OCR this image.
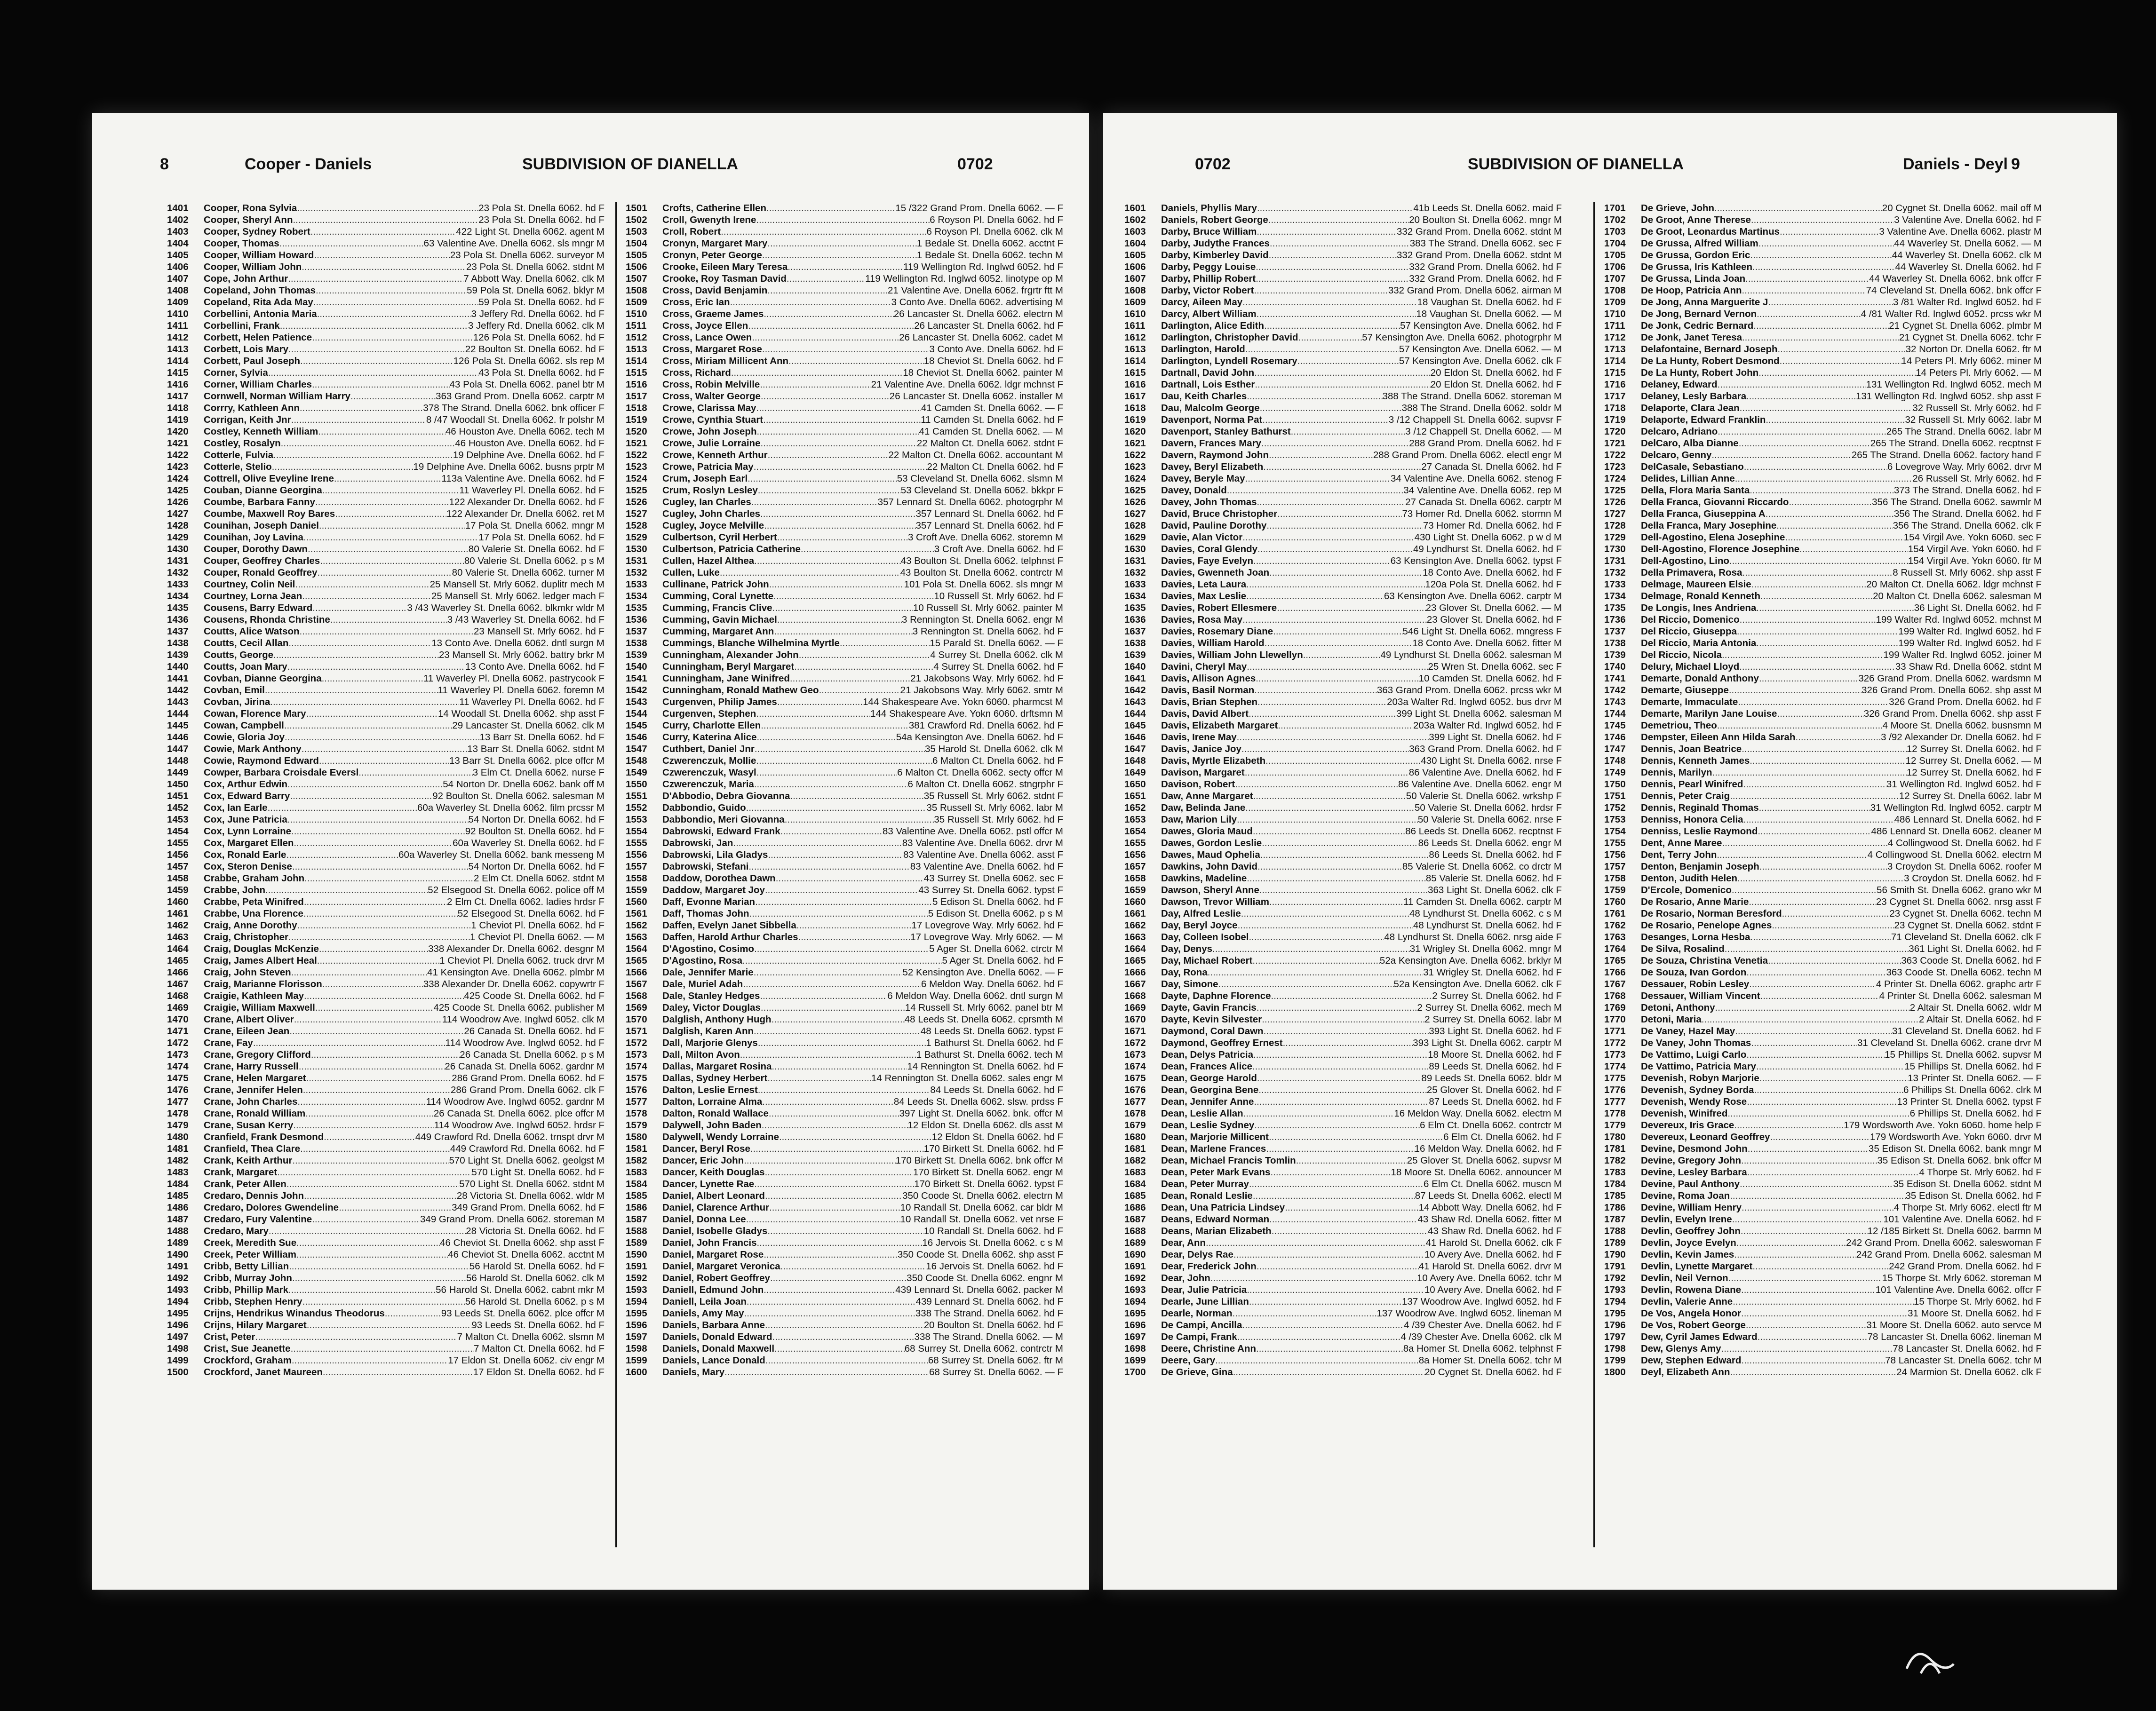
8	Cooper - Daniels	SUBDIVISION OF DIANELLA	0702
1401	Cooper, Rona Sylvia .....	23 Pola St. Dnella 6062. hd F
1402	Cooper, Sheryl Ann .....	23 Pola St. Dnella 6062. hd F
1403	Cooper, Sydney Robert .....	422 Light St. Dnella 6062. agent M
1404	Cooper, Thomas .....	63 Valentine Ave. Dnella 6062. sls mngr M
1405	Cooper, William Howard .....	23 Pola St. Dnella 6062. surveyor M
1406	Cooper, William John .....	23 Pola St. Dnella 6062. stdnt M
1407	Cope, John Arthur .....	7 Abbott Way. Dnella 6062. clk M
1408	Copeland, John Thomas .....	59 Pola St. Dnella 6062. bklyr M
1409	Copeland, Rita Ada May .....	59 Pola St. Dnella 6062. hd F
1410	Corbellini, Antonia Maria .....	3 Jeffery Rd. Dnella 6062. hd F
1411	Corbellini, Frank .....	3 Jeffery Rd. Dnella 6062. clk M
1412	Corbett, Helen Patience .....	126 Pola St. Dnella 6062. hd F
1413	Corbett, Lois Mary .....	22 Boulton St. Dnella 6062. hd F
1414	Corbett, Paul Joseph .....	126 Pola St. Dnella 6062. sls rep M
1415	Corner, Sylvia .....	43 Pola St. Dnella 6062. hd F
1416	Corner, William Charles .....	43 Pola St. Dnella 6062. panel btr M
1417	Cornwell, Norman William Harry .....	363 Grand Prom. Dnella 6062. carptr M
1418	Corrry, Kathleen Ann .....	378 The Strand. Dnella 6062. bnk officer F
1419	Corrigan, Keith Jnr .....	8 /47 Woodall St. Dnella 6062. fr polshr M
1420	Costley, Kenneth William .....	46 Houston Ave. Dnella 6062. tech M
1421	Costley, Rosalyn .....	46 Houston Ave. Dnella 6062. hd F
1422	Cotterle, Fulvia .....	19 Delphine Ave. Dnella 6062. hd F
1423	Cotterle, Stelio .....	19 Delphine Ave. Dnella 6062. busns prptr M
1424	Cottrell, Olive Eveyline Irene .....	113a Valentine Ave. Dnella 6062. hd F
1425	Couban, Dianne Georgina .....	11 Waverley Pl. Dnella 6062. hd F
1426	Coumbe, Barbara Fanny .....	122 Alexander Dr. Dnella 6062. hd F
1427	Coumbe, Maxwell Roy Bares .....	122 Alexander Dr. Dnella 6062. ret M
1428	Counihan, Joseph Daniel .....	17 Pola St. Dnella 6062. mngr M
1429	Counihan, Joy Lavina .....	17 Pola St. Dnella 6062. hd F
1430	Couper, Dorothy Dawn .....	80 Valerie St. Dnella 6062. hd F
1431	Couper, Geoffrey Charles .....	80 Valerie St. Dnella 6062. p s M
1432	Couper, Ronald Geoffrey .....	80 Valerie St. Dnella 6062. turner M
1433	Courtney, Colin Neil .....	25 Mansell St. Mrly 6062. duplitr mech M
1434	Courtney, Lorna Jean .....	25 Mansell St. Mrly 6062. ledger mach F
1435	Cousens, Barry Edward .....	3 /43 Waverley St. Dnella 6062. blkmkr wldr M
1436	Cousens, Rhonda Christine .....	3 /43 Waverley St. Dnella 6062. hd F
1437	Coutts, Alice Watson .....	23 Mansell St. Mrly 6062. hd F
1438	Coutts, Cecil Allan .....	13 Conto Ave. Dnella 6062. dntl surgn M
1439	Coutts, George .....	23 Mansell St. Mrly 6062. battry brkr M
1440	Coutts, Joan Mary .....	13 Conto Ave. Dnella 6062. hd F
1441	Covban, Dianne Georgina .....	11 Waverley Pl. Dnella 6062. pastrycook F
1442	Covban, Emil .....	11 Waverley Pl. Dnella 6062. foremn M
1443	Covban, Jirina .....	11 Waverley Pl. Dnella 6062. hd F
1444	Cowan, Florence Mary .....	14 Woodall St. Dnella 6062. shp asst F
1445	Cowan, Campbell .....	29 Lancaster St. Dnella 6062. clk M
1446	Cowie, Gloria Joy .....	13 Barr St. Dnella 6062. hd F
1447	Cowie, Mark Anthony .....	13 Barr St. Dnella 6062. stdnt M
1448	Cowie, Raymond Edward .....	13 Barr St. Dnella 6062. plce offcr M
1449	Cowper, Barbara Croisdale Eversl .....	3 Elm Ct. Dnella 6062. nurse F
1450	Cox, Arthur Edwin .....	54 Norton Dr. Dnella 6062. bank off M
1451	Cox, Edward Barry .....	92 Boulton St. Dnella 6062. salesman M
1452	Cox, Ian Earle .....	60a Waverley St. Dnella 6062. film prcssr M
1453	Cox, June Patricia .....	54 Norton Dr. Dnella 6062. hd F
1454	Cox, Lynn Lorraine .....	92 Boulton St. Dnella 6062. hd F
1455	Cox, Margaret Ellen .....	60a Waverley St. Dnella 6062. hd F
1456	Cox, Ronald Earle .....	60a Waverley St. Dnella 6062. bank messeng M
1457	Cox, Steron Denise .....	54 Norton Dr. Dnella 6062. hd F
1458	Crabbe, Graham John .....	2 Elm Ct. Dnella 6062. stdnt M
1459	Crabbe, John .....	52 Elsegood St. Dnella 6062. police off M
1460	Crabbe, Peta Winifred .....	2 Elm Ct. Dnella 6062. ladies hrdsr F
1461	Crabbe, Una Florence .....	52 Elsegood St. Dnella 6062. hd F
1462	Craig, Anne Dorothy .....	1 Cheviot Pl. Dnella 6062. hd F
1463	Craig, Christopher .....	1 Cheviot Pl. Dnella 6062. — M
1464	Craig, Douglas McKenzie .....	338 Alexander Dr. Dnella 6062. desgnr M
1465	Craig, James Albert Heal .....	1 Cheviot Pl. Dnella 6062. truck drvr M
1466	Craig, John Steven .....	41 Kensington Ave. Dnella 6062. plmbr M
1467	Craig, Marianne Florisson .....	338 Alexander Dr. Dnella 6062. copywrtr F
1468	Craigie, Kathleen May .....	425 Coode St. Dnella 6062. hd F
1469	Craigie, William Maxwell .....	425 Coode St. Dnella 6062. publisher M
1470	Crane, Albert Oliver .....	114 Woodrow Ave. Inglwd 6052. clk M
1471	Crane, Eileen Jean .....	26 Canada St. Dnella 6062. hd F
1472	Crane, Fay .....	114 Woodrow Ave. Inglwd 6052. hd F
1473	Crane, Gregory Clifford .....	26 Canada St. Dnella 6062. p s M
1474	Crane, Harry Russell .....	26 Canada St. Dnella 6062. gardnr M
1475	Crane, Helen Margaret .....	286 Grand Prom. Dnella 6062. hd F
1476	Crane, Jennifer Helen .....	286 Grand Prom. Dnella 6062. clk F
1477	Crane, John Charles .....	114 Woodrow Ave. Inglwd 6052. gardnr M
1478	Crane, Ronald William .....	26 Canada St. Dnella 6062. plce offcr M
1479	Crane, Susan Kerry .....	114 Woodrow Ave. Inglwd 6052. hrdsr F
1480	Cranfield, Frank Desmond .....	449 Crawford Rd. Dnella 6062. trnspt drvr M
1481	Cranfield, Thea Clare .....	449 Crawford Rd. Dnella 6062. hd F
1482	Crank, Keith Arthur .....	570 Light St. Dnella 6062. geolgst M
1483	Crank, Margaret .....	570 Light St. Dnella 6062. hd F
1484	Crank, Peter Allen .....	570 Light St. Dnella 6062. stdnt M
1485	Credaro, Dennis John .....	28 Victoria St. Dnella 6062. wldr M
1486	Credaro, Dolores Gwendeline .....	349 Grand Prom. Dnella 6062. hd F
1487	Credaro, Fury Valentine .....	349 Grand Prom. Dnella 6062. storeman M
1488	Credaro, Mary .....	28 Victoria St. Dnella 6062. hd F
1489	Creek, Meredith Sue .....	46 Cheviot St. Dnella 6062. shp asst F
1490	Creek, Peter William .....	46 Cheviot St. Dnella 6062. acctnt M
1491	Cribb, Betty Lillian .....	56 Harold St. Dnella 6062. hd F
1492	Cribb, Murray John .....	56 Harold St. Dnella 6062. clk M
1493	Cribb, Phillip Mark .....	56 Harold St. Dnella 6062. cabnt mkr M
1494	Cribb, Stephen Henry .....	56 Harold St. Dnella 6062. p s M
1495	Crijns, Hendrikus Winandus Theodorus .....	93 Leeds St. Dnella 6062. plce offcr M
1496	Crijns, Hilary Margaret .....	93 Leeds St. Dnella 6062. hd F
1497	Crist, Peter .....	7 Malton Ct. Dnella 6062. slsmn M
1498	Crist, Sue Jeanette .....	7 Malton Ct. Dnella 6062. hd F
1499	Crockford, Graham .....	17 Eldon St. Dnella 6062. civ engr M
1500	Crockford, Janet Maureen .....	17 Eldon St. Dnella 6062. hd F
1501	Crofts, Catherine Ellen .....	15 /322 Grand Prom. Dnella 6062. — F
1502	Croll, Gwenyth Irene .....	6 Royson Pl. Dnella 6062. hd F
1503	Croll, Robert .....	6 Royson Pl. Dnella 6062. clk M
1504	Cronyn, Margaret Mary .....	1 Bedale St. Dnella 6062. acctnt F
1505	Cronyn, Peter George .....	1 Bedale St. Dnella 6062. techn M
1506	Crooke, Eileen Mary Teresa .....	119 Wellington Rd. Inglwd 6052. hd F
1507	Crooke, Roy Tasman David .....	119 Wellington Rd. Inglwd 6052. linotype op M
1508	Cross, David Benjamin .....	21 Valentine Ave. Dnella 6062. frgrtr ftt M
1509	Cross, Eric Ian .....	3 Conto Ave. Dnella 6062. advertising M
1510	Cross, Graeme James .....	26 Lancaster St. Dnella 6062. electrn M
1511	Cross, Joyce Ellen .....	26 Lancaster St. Dnella 6062. hd F
1512	Cross, Lance Owen .....	26 Lancaster St. Dnella 6062. cadet M
1513	Cross, Margaret Rose .....	3 Conto Ave. Dnella 6062. hd F
1514	Cross, Miriam Millicent Ann .....	18 Cheviot St. Dnella 6062. hd F
1515	Cross, Richard .....	18 Cheviot St. Dnella 6062. painter M
1516	Cross, Robin Melville .....	21 Valentine Ave. Dnella 6062. ldgr mchnst F
1517	Cross, Walter George .....	26 Lancaster St. Dnella 6062. installer M
1518	Crowe, Clarissa May .....	41 Camden St. Dnella 6062. — F
1519	Crowe, Cynthia Stuart .....	11 Camden St. Dnella 6062. hd F
1520	Crowe, John Joseph .....	41 Camden St. Dnella 6062. — M
1521	Crowe, Julie Lorraine .....	22 Malton Ct. Dnella 6062. stdnt F
1522	Crowe, Kenneth Arthur .....	22 Malton Ct. Dnella 6062. accountant M
1523	Crowe, Patricia May .....	22 Malton Ct. Dnella 6062. hd F
1524	Crum, Joseph Earl .....	53 Cleveland St. Dnella 6062. slsmn M
1525	Crum, Roslyn Lesley .....	53 Cleveland St. Dnella 6062. bkkpr F
1526	Cugley, Ian Charles .....	357 Lennard St. Dnella 6062. photogrphr M
1527	Cugley, John Charles .....	357 Lennard St. Dnella 6062. hd F
1528	Cugley, Joyce Melville .....	357 Lennard St. Dnella 6062. hd F
1529	Culbertson, Cyril Herbert .....	3 Croft Ave. Dnella 6062. storemn M
1530	Culbertson, Patricia Catherine .....	3 Croft Ave. Dnella 6062. hd F
1531	Cullen, Hazel Althea .....	43 Boulton St. Dnella 6062. telphnst F
1532	Cullen, Luke .....	43 Boulton St. Dnella 6062. contrctr M
1533	Cullinane, Patrick John .....	101 Pola St. Dnella 6062. sls mngr M
1534	Cumming, Coral Lynette .....	10 Russell St. Mrly 6062. hd F
1535	Cumming, Francis Clive .....	10 Russell St. Mrly 6062. painter M
1536	Cumming, Gavin Michael .....	3 Rennington St. Dnella 6062. engr M
1537	Cumming, Margaret Ann .....	3 Rennington St. Dnella 6062. hd F
1538	Cummings, Blanche Wilhelmina Myrtle .....	15 Parald St. Dnella 6062. — F
1539	Cunningham, Alexander John .....	4 Surrey St. Dnella 6062. clk M
1540	Cunningham, Beryl Margaret .....	4 Surrey St. Dnella 6062. hd F
1541	Cunningham, Jane Winifred .....	21 Jakobsons Way. Mrly 6062. hd F
1542	Cunningham, Ronald Mathew Geo .....	21 Jakobsons Way. Mrly 6062. smtr M
1543	Curgenven, Philip James .....	144 Shakespeare Ave. Yokn 6060. pharmcst M
1544	Curgenven, Stephen .....	144 Shakespeare Ave. Yokn 6060. drftsmn M
1545	Curry, Charlotte Ellen .....	381 Crawford Rd. Dnella 6062. hd F
1546	Curry, Katerina Alice .....	54a Kensington Ave. Dnella 6062. hd F
1547	Cuthbert, Daniel Jnr .....	35 Harold St. Dnella 6062. clk M
1548	Czwerenczuk, Mollie .....	6 Malton Ct. Dnella 6062. hd F
1549	Czwerenczuk, Wasyl .....	6 Malton Ct. Dnella 6062. secty offcr M
1550	Czwerenczuk, Maria .....	6 Malton Ct. Dnella 6062. stngrphr F
1551	D'Abbodio, Debra Giovanna .....	35 Russell St. Mrly 6062. stdnt F
1552	Dabbondio, Guido .....	35 Russell St. Mrly 6062. labr M
1553	Dabbondio, Meri Giovanna .....	35 Russell St. Mrly 6062. hd F
1554	Dabrowski, Edward Frank .....	83 Valentine Ave. Dnella 6062. pstl offcr M
1555	Dabrowski, Jan .....	83 Valentine Ave. Dnella 6062. drvr M
1556	Dabrowski, Lila Gladys .....	83 Valentine Ave. Dnella 6062. asst F
1557	Dabrowski, Stefani .....	83 Valentine Ave. Dnella 6062. hd F
1558	Daddow, Dorothea Dawn .....	43 Surrey St. Dnella 6062. sec F
1559	Daddow, Margaret Joy .....	43 Surrey St. Dnella 6062. typst F
1560	Daff, Evonne Marian .....	5 Edison St. Dnella 6062. hd F
1561	Daff, Thomas John .....	5 Edison St. Dnella 6062. p s M
1562	Daffen, Evelyn Janet Sibbella .....	17 Lovegrove Way. Mrly 6062. hd F
1563	Daffen, Harold Arthur Charles .....	17 Lovegrove Way. Mrly 6062. — M
1564	D'Agostino, Cosimo .....	5 Ager St. Dnella 6062. ctrctr M
1565	D'Agostino, Rosa .....	5 Ager St. Dnella 6062. hd F
1566	Dale, Jennifer Marie .....	52 Kensington Ave. Dnella 6062. — F
1567	Dale, Muriel Adah .....	6 Meldon Way. Dnella 6062. hd F
1568	Dale, Stanley Hedges .....	6 Meldon Way. Dnella 6062. dntl surgn M
1569	Daley, Victor Douglas .....	14 Russell St. Mrly 6062. panel btr M
1570	Dalglish, Anthony Hugh .....	48 Leeds St. Dnella 6062. cprsmth M
1571	Dalglish, Karen Ann .....	48 Leeds St. Dnella 6062. typst F
1572	Dall, Marjorie Glenys .....	1 Bathurst St. Dnella 6062. hd F
1573	Dall, Milton Avon .....	1 Bathurst St. Dnella 6062. tech M
1574	Dallas, Margaret Rosina .....	14 Rennington St. Dnella 6062. hd F
1575	Dallas, Sydney Herbert .....	14 Rennington St. Dnella 6062. sales engr M
1576	Dalton, Leslie Ernest .....	84 Leeds St. Dnella 6062. hd F
1577	Dalton, Lorraine Alma .....	84 Leeds St. Dnella 6062. slsw. prdss F
1578	Dalton, Ronald Wallace .....	397 Light St. Dnella 6062. bnk. offcr M
1579	Dalywell, John Baden .....	12 Eldon St. Dnella 6062. dls asst M
1580	Dalywell, Wendy Lorraine .....	12 Eldon St. Dnella 6062. hd F
1581	Dancer, Beryl Rose .....	170 Birkett St. Dnella 6062. hd F
1582	Dancer, Eric John .....	170 Birkett St. Dnella 6062. bnk offcr M
1583	Dancer, Keith Douglas .....	170 Birkett St. Dnella 6062. engr M
1584	Dancer, Lynette Rae .....	170 Birkett St. Dnella 6062. typst F
1585	Daniel, Albert Leonard .....	350 Coode St. Dnella 6062. electrn M
1586	Daniel, Clarence Arthur .....	10 Randall St. Dnella 6062. car bldr M
1587	Daniel, Donna Lee .....	10 Randall St. Dnella 6062. vet nrse F
1588	Daniel, Isobelle Gladys .....	10 Randall St. Dnella 6062. hd F
1589	Daniel, John Francis .....	16 Jervois St. Dnella 6062. c s M
1590	Daniel, Margaret Rose .....	350 Coode St. Dnella 6062. shp asst F
1591	Daniel, Margaret Veronica .....	16 Jervois St. Dnella 6062. hd F
1592	Daniel, Robert Geoffrey .....	350 Coode St. Dnella 6062. engnr M
1593	Daniell, Edmund John .....	439 Lennard St. Dnella 6062. packer M
1594	Daniell, Leila Joan .....	439 Lennard St. Dnella 6062. hd F
1595	Daniels, Amy May .....	338 The Strand. Dnella 6062. hd F
1596	Daniels, Barbara Anne .....	20 Boulton St. Dnella 6062. hd F
1597	Daniels, Donald Edward .....	338 The Strand. Dnella 6062. — M
1598	Daniels, Donald Maxwell .....	68 Surrey St. Dnella 6062. contrctr M
1599	Daniels, Lance Donald .....	68 Surrey St. Dnella 6062. ftr M
1600	Daniels, Mary .....	68 Surrey St. Dnella 6062. — F
0702	SUBDIVISION OF DIANELLA	Daniels - Deyl 9
1601	Daniels, Phyllis Mary .....	41b Leeds St. Dnella 6062. maid F
1602	Daniels, Robert George .....	20 Boulton St. Dnella 6062. mngr M
1603	Darby, Bruce William .....	332 Grand Prom. Dnella 6062. stdnt M
1604	Darby, Judythe Frances .....	383 The Strand. Dnella 6062. sec F
1605	Darby, Kimberley David .....	332 Grand Prom. Dnella 6062. stdnt M
1606	Darby, Peggy Louise .....	332 Grand Prom. Dnella 6062. hd F
1607	Darby, Phillip Robert .....	332 Grand Prom. Dnella 6062. hd F
1608	Darby, Victor Robert .....	332 Grand Prom. Dnella 6062. airman M
1609	Darcy, Aileen May .....	18 Vaughan St. Dnella 6062. hd F
1610	Darcy, Albert William .....	18 Vaughan St. Dnella 6062. — M
1611	Darlington, Alice Edith .....	57 Kensington Ave. Dnella 6062. hd F
1612	Darlington, Christopher David .....	57 Kensington Ave. Dnella 6062. photogrphr M
1613	Darlington, Harold .....	57 Kensington Ave. Dnella 6062. — M
1614	Darlington, Lyndell Rosemary .....	57 Kensington Ave. Dnella 6062. clk F
1615	Dartnall, David John .....	20 Eldon St. Dnella 6062. hd F
1616	Dartnall, Lois Esther .....	20 Eldon St. Dnella 6062. hd F
1617	Dau, Keith Charles .....	388 The Strand. Dnella 6062. storeman M
1618	Dau, Malcolm George .....	388 The Strand. Dnella 6062. soldr M
1619	Davenport, Norma Pat .....	3 /12 Chappell St. Dnella 6062. supvsr F
1620	Davenport, Stanley Bathurst .....	3 /12 Chappell St. Dnella 6062. — M
1621	Davern, Frances Mary .....	288 Grand Prom. Dnella 6062. hd F
1622	Davern, Raymond John .....	288 Grand Prom. Dnella 6062. electl engr M
1623	Davey, Beryl Elizabeth .....	27 Canada St. Dnella 6062. hd F
1624	Davey, Beryle May .....	34 Valentine Ave. Dnella 6062. stenog F
1625	Davey, Donald .....	34 Valentine Ave. Dnella 6062. rep M
1626	Davey, John Thomas .....	27 Canada St. Dnella 6062. carptr M
1627	David, Bruce Christopher .....	73 Homer Rd. Dnella 6062. stormn M
1628	David, Pauline Dorothy .....	73 Homer Rd. Dnella 6062. hd F
1629	Davie, Alan Victor .....	430 Light St. Dnella 6062. p w d M
1630	Davies, Coral Glendy .....	49 Lyndhurst St. Dnella 6062. hd F
1631	Davies, Faye Evelyn .....	63 Kensington Ave. Dnella 6062. typst F
1632	Davies, Gwenneth Joan .....	18 Conto Ave. Dnella 6062. hd F
1633	Davies, Leta Laura .....	120a Pola St. Dnella 6062. hd F
1634	Davies, Max Leslie .....	63 Kensington Ave. Dnella 6062. carptr M
1635	Davies, Robert Ellesmere .....	23 Glover St. Dnella 6062. — M
1636	Davies, Rosa May .....	23 Glover St. Dnella 6062. hd F
1637	Davies, Rosemary Diane .....	546 Light St. Dnella 6062. mngress F
1638	Davies, William Harold .....	18 Conto Ave. Dnella 6062. fitter M
1639	Davies, William John Llewellyn .....	49 Lyndhurst St. Dnella 6062. salesman M
1640	Davini, Cheryl May .....	25 Wren St. Dnella 6062. sec F
1641	Davis, Allison Agnes .....	10 Camden St. Dnella 6062. hd F
1642	Davis, Basil Norman .....	363 Grand Prom. Dnella 6062. prcss wkr M
1643	Davis, Brian Stephen .....	203a Walter Rd. Inglwd 6052. bus drvr M
1644	Davis, David Albert .....	399 Light St. Dnella 6062. salesman M
1645	Davis, Elizabeth Margaret .....	203a Walter Rd. Inglwd 6052. hd F
1646	Davis, Irene May .....	399 Light St. Dnella 6062. hd F
1647	Davis, Janice Joy .....	363 Grand Prom. Dnella 6062. hd F
1648	Davis, Myrtle Elizabeth .....	430 Light St. Dnella 6062. nrse F
1649	Davison, Margaret .....	86 Valentine Ave. Dnella 6062. hd F
1650	Davison, Robert .....	86 Valentine Ave. Dnella 6062. engr M
1651	Daw, Anne Margaret .....	50 Valerie St. Dnella 6062. wrkshp F
1652	Daw, Belinda Jane .....	50 Valerie St. Dnella 6062. hrdsr F
1653	Daw, Marion Lily .....	50 Valerie St. Dnella 6062. nrse F
1654	Dawes, Gloria Maud .....	86 Leeds St. Dnella 6062. recptnst F
1655	Dawes, Gordon Leslie .....	86 Leeds St. Dnella 6062. engr M
1656	Dawes, Maud Ophelia .....	86 Leeds St. Dnella 6062. hd F
1657	Dawkins, John David .....	85 Valerie St. Dnella 6062. co drctr M
1658	Dawkins, Madeline .....	85 Valerie St. Dnella 6062. hd F
1659	Dawson, Sheryl Anne .....	363 Light St. Dnella 6062. clk F
1660	Dawson, Trevor William .....	11 Camden St. Dnella 6062. carptr M
1661	Day, Alfred Leslie .....	48 Lyndhurst St. Dnella 6062. c s M
1662	Day, Beryl Joyce .....	48 Lyndhurst St. Dnella 6062. hd F
1663	Day, Colleen Isobel .....	48 Lyndhurst St. Dnella 6062. nrsg aide F
1664	Day, Denys .....	31 Wrigley St. Dnella 6062. mngr M
1665	Day, Michael Robert .....	52a Kensington Ave. Dnella 6062. brklyr M
1666	Day, Rona .....	31 Wrigley St. Dnella 6062. hd F
1667	Day, Simone .....	52a Kensington Ave. Dnella 6062. clk F
1668	Dayte, Daphne Florence .....	2 Surrey St. Dnella 6062. hd F
1669	Dayte, Gavin Francis .....	2 Surrey St. Dnella 6062. mech M
1670	Dayte, Kevin Silvester .....	2 Surrey St. Dnella 6062. labr M
1671	Daymond, Coral Dawn .....	393 Light St. Dnella 6062. hd F
1672	Daymond, Geoffrey Ernest .....	393 Light St. Dnella 6062. carptr M
1673	Dean, Delys Patricia .....	18 Moore St. Dnella 6062. hd F
1674	Dean, Frances Alice .....	89 Leeds St. Dnella 6062. hd F
1675	Dean, George Harold .....	89 Leeds St. Dnella 6062. bldr M
1676	Dean, Georgina Bene .....	25 Glover St. Dnella 6062. hd F
1677	Dean, Jennifer Anne .....	87 Leeds St. Dnella 6062. hd F
1678	Dean, Leslie Allan .....	16 Meldon Way. Dnella 6062. electrn M
1679	Dean, Leslie Sydney .....	6 Elm Ct. Dnella 6062. contrctr M
1680	Dean, Marjorie Millicent .....	6 Elm Ct. Dnella 6062. hd F
1681	Dean, Marlene Frances .....	16 Meldon Way. Dnella 6062. hd F
1682	Dean, Michael Francis Tomlin .....	25 Glover St. Dnella 6062. supvsr M
1683	Dean, Peter Mark Evans .....	18 Moore St. Dnella 6062. announcer M
1684	Dean, Peter Murray .....	6 Elm Ct. Dnella 6062. muscn M
1685	Dean, Ronald Leslie .....	87 Leeds St. Dnella 6062. electl M
1686	Dean, Una Patricia Lindsey .....	14 Abbott Way. Dnella 6062. hd F
1687	Deans, Edward Norman .....	43 Shaw Rd. Dnella 6062. fitter M
1688	Deans, Marian Elizabeth .....	43 Shaw Rd. Dnella 6062. hd F
1689	Dear, Ann .....	41 Harold St. Dnella 6062. clk F
1690	Dear, Delys Rae .....	10 Avery Ave. Dnella 6062. hd F
1691	Dear, Frederick John .....	41 Harold St. Dnella 6062. drvr M
1692	Dear, John .....	10 Avery Ave. Dnella 6062. tchr M
1693	Dear, Julie Patricia .....	10 Avery Ave. Dnella 6062. hd F
1694	Dearle, June Lillian .....	137 Woodrow Ave. Inglwd 6052. hd F
1695	Dearle, Norman .....	137 Woodrow Ave. Inglwd 6052. lineman M
1696	De Campi, Ancilla .....	4 /39 Chester Ave. Dnella 6062. hd F
1697	De Campi, Frank .....	4 /39 Chester Ave. Dnella 6062. clk M
1698	Deere, Christine Ann .....	8a Homer St. Dnella 6062. telphnst F
1699	Deere, Gary .....	8a Homer St. Dnella 6062. tchr M
1700	De Grieve, Gina .....	20 Cygnet St. Dnella 6062. hd F
1701	De Grieve, John .....	20 Cygnet St. Dnella 6062. mail off M
1702	De Groot, Anne Therese .....	3 Valentine Ave. Dnella 6062. hd F
1703	De Groot, Leonardus Martinus .....	3 Valentine Ave. Dnella 6062. plastr M
1704	De Grussa, Alfred William .....	44 Waverley St. Dnella 6062. — M
1705	De Grussa, Gordon Eric .....	44 Waverley St. Dnella 6062. clk M
1706	De Grussa, Iris Kathleen .....	44 Waverley St. Dnella 6062. hd F
1707	De Grussa, Linda Joan .....	44 Waverley St. Dnella 6062. bnk offcr F
1708	De Hoop, Patricia Ann .....	74 Cleveland St. Dnella 6062. bnk offcr F
1709	De Jong, Anna Marguerite J .....	3 /81 Walter Rd. Inglwd 6052. hd F
1710	De Jong, Bernard Vernon .....	4 /81 Walter Rd. Inglwd 6052. prcss wkr M
1711	De Jonk, Cedric Bernard .....	21 Cygnet St. Dnella 6062. plmbr M
1712	De Jonk, Janet Teresa .....	21 Cygnet St. Dnella 6062. tchr F
1713	Delafontaine, Bernard Joseph .....	32 Norton Dr. Dnella 6062. ftr M
1714	De La Hunty, Robert Desmond .....	14 Peters Pl. Mrly 6062. miner M
1715	De La Hunty, Robert John .....	14 Peters Pl. Mrly 6062. — M
1716	Delaney, Edward .....	131 Wellington Rd. Inglwd 6052. mech M
1717	Delaney, Lesly Barbara .....	131 Wellington Rd. Inglwd 6052. shp asst F
1718	Delaporte, Clara Jean .....	32 Russell St. Mrly 6062. hd F
1719	Delaporte, Edward Franklin .....	32 Russell St. Mrly 6062. labr M
1720	Delcaro, Adriano .....	265 The Strand. Dnella 6062. labr M
1721	DelCaro, Alba Dianne .....	265 The Strand. Dnella 6062. recptnst F
1722	Delcaro, Genny .....	265 The Strand. Dnella 6062. factory hand F
1723	DelCasale, Sebastiano .....	6 Lovegrove Way. Mrly 6062. drvr M
1724	Delides, Lillian Anne .....	26 Russell St. Mrly 6062. hd F
1725	Della, Flora Maria Santa .....	373 The Strand. Dnella 6062. hd F
1726	Della Franca, Giovanni Riccardo .....	356 The Strand. Dnella 6062. sawmlr M
1727	Della Franca, Giuseppina A .....	356 The Strand. Dnella 6062. hd F
1728	Della Franca, Mary Josephine .....	356 The Strand. Dnella 6062. clk F
1729	Dell-Agostino, Elena Josephine .....	154 Virgil Ave. Yokn 6060. sec F
1730	Dell-Agostino, Florence Josephine .....	154 Virgil Ave. Yokn 6060. hd F
1731	Dell-Agostino, Lino .....	154 Virgil Ave. Yokn 6060. ftr M
1732	Della Primavera, Rosa .....	8 Russell St. Mrly 6062. shp asst F
1733	Delmage, Maureen Elsie .....	20 Malton Ct. Dnella 6062. ldgr mchnst F
1734	Delmage, Ronald Kenneth .....	20 Malton Ct. Dnella 6062. salesman M
1735	De Longis, Ines Andriena .....	36 Light St. Dnella 6062. hd F
1736	Del Riccio, Domenico .....	199 Walter Rd. Inglwd 6052. mchnst M
1737	Del Riccio, Giuseppa .....	199 Walter Rd. Inglwd 6052. hd F
1738	Del Riccio, Maria Antonia .....	199 Walter Rd. Inglwd 6052. hd F
1739	Del Riccio, Nicola .....	199 Walter Rd. Inglwd 6052. joiner M
1740	Delury, Michael Lloyd .....	33 Shaw Rd. Dnella 6062. stdnt M
1741	Demarte, Donald Anthony .....	326 Grand Prom. Dnella 6062. wardsmn M
1742	Demarte, Giuseppe .....	326 Grand Prom. Dnella 6062. shp asst M
1743	Demarte, Immaculate .....	326 Grand Prom. Dnella 6062. hd F
1744	Demarte, Marilyn Jane Louise .....	326 Grand Prom. Dnella 6062. shp asst F
1745	Demetriou, Theo .....	4 Moore St. Dnella 6062. busnsmn M
1746	Dempster, Eileen Ann Hilda Sarah .....	3 /92 Alexander Dr. Dnella 6062. hd F
1747	Dennis, Joan Beatrice .....	12 Surrey St. Dnella 6062. hd F
1748	Dennis, Kenneth James .....	12 Surrey St. Dnella 6062. — M
1749	Dennis, Marilyn .....	12 Surrey St. Dnella 6062. hd F
1750	Dennis, Pearl Winifred .....	31 Wellington Rd. Inglwd 6052. hd F
1751	Dennis, Peter Craig .....	12 Surrey St. Dnella 6062. labr M
1752	Dennis, Reginald Thomas .....	31 Wellington Rd. Inglwd 6052. carptr M
1753	Denniss, Honora Celia .....	486 Lennard St. Dnella 6062. hd F
1754	Denniss, Leslie Raymond .....	486 Lennard St. Dnella 6062. cleaner M
1755	Dent, Anne Maree .....	4 Collingwood St. Dnella 6062. hd F
1756	Dent, Terry John .....	4 Collingwood St. Dnella 6062. electrn M
1757	Denton, Benjamin Joseph .....	3 Croydon St. Dnella 6062. roofer M
1758	Denton, Judith Helen .....	3 Croydon St. Dnella 6062. hd F
1759	D'Ercole, Domenico .....	56 Smith St. Dnella 6062. grano wkr M
1760	De Rosario, Anne Marie .....	23 Cygnet St. Dnella 6062. nrsg asst F
1761	De Rosario, Norman Beresford .....	23 Cygnet St. Dnella 6062. techn M
1762	De Rosario, Penelope Agnes .....	23 Cygnet St. Dnella 6062. stdnt F
1763	Desanges, Lorna Hesba .....	71 Cleveland St. Dnella 6062. clk F
1764	De Silva, Rosalind .....	361 Light St. Dnella 6062. hd F
1765	De Souza, Christina Venetia .....	363 Coode St. Dnella 6062. hd F
1766	De Souza, Ivan Gordon .....	363 Coode St. Dnella 6062. techn M
1767	Dessauer, Robin Lesley .....	4 Printer St. Dnella 6062. graphc artr F
1768	Dessauer, William Vincent .....	4 Printer St. Dnella 6062. salesman M
1769	Detoni, Anthony .....	2 Altair St. Dnella 6062. wldr M
1770	Detoni, Maria .....	2 Altair St. Dnella 6062. hd F
1771	De Vaney, Hazel May .....	31 Cleveland St. Dnella 6062. hd F
1772	De Vaney, John Thomas .....	31 Cleveland St. Dnella 6062. crane drvr M
1773	De Vattimo, Luigi Carlo .....	15 Phillips St. Dnella 6062. supvsr M
1774	De Vattimo, Patricia Mary .....	15 Phillips St. Dnella 6062. hd F
1775	Devenish, Robyn Marjorie .....	13 Printer St. Dnella 6062. — F
1776	Devenish, Sydney Borda .....	6 Phillips St. Dnella 6062. clrk M
1777	Devenish, Wendy Rose .....	13 Printer St. Dnella 6062. typst F
1778	Devenish, Winifred .....	6 Phillips St. Dnella 6062. hd F
1779	Devereux, Iris Grace .....	179 Wordsworth Ave. Yokn 6060. home help F
1780	Devereux, Leonard Geoffrey .....	179 Wordsworth Ave. Yokn 6060. drvr M
1781	Devine, Desmond John .....	35 Edison St. Dnella 6062. bank mngr M
1782	Devine, Gregory John .....	35 Edison St. Dnella 6062. bnk offcr M
1783	Devine, Lesley Barbara .....	4 Thorpe St. Mrly 6062. hd F
1784	Devine, Paul Anthony .....	35 Edison St. Dnella 6062. stdnt M
1785	Devine, Roma Joan .....	35 Edison St. Dnella 6062. hd F
1786	Devine, William Henry .....	4 Thorpe St. Mrly 6062. electl ftr M
1787	Devlin, Evelyn Irene .....	101 Valentine Ave. Dnella 6062. hd F
1788	Devlin, Geoffrey John .....	12 /185 Birkett St. Dnella 6062. barmn M
1789	Devlin, Joyce Evelyn .....	242 Grand Prom. Dnella 6062. saleswoman F
1790	Devlin, Kevin James .....	242 Grand Prom. Dnella 6062. salesman M
1791	Devlin, Lynette Margaret .....	242 Grand Prom. Dnella 6062. hd F
1792	Devlin, Neil Vernon .....	15 Thorpe St. Mrly 6062. storeman M
1793	Devlin, Rowena Diane .....	101 Valentine Ave. Dnella 6062. offcr F
1794	Devlin, Valerie Anne .....	15 Thorpe St. Mrly 6062. hd F
1795	De Vos, Angela Honor .....	31 Moore St. Dnella 6062. hd F
1796	De Vos, Robert George .....	31 Moore St. Dnella 6062. auto servce M
1797	Dew, Cyril James Edward .....	78 Lancaster St. Dnella 6062. lineman M
1798	Dew, Glenys Amy .....	78 Lancaster St. Dnella 6062. hd F
1799	Dew, Stephen Edward .....	78 Lancaster St. Dnella 6062. tchr M
1800	Deyl, Elizabeth Ann .....	24 Marmion St. Dnella 6062. clk F
